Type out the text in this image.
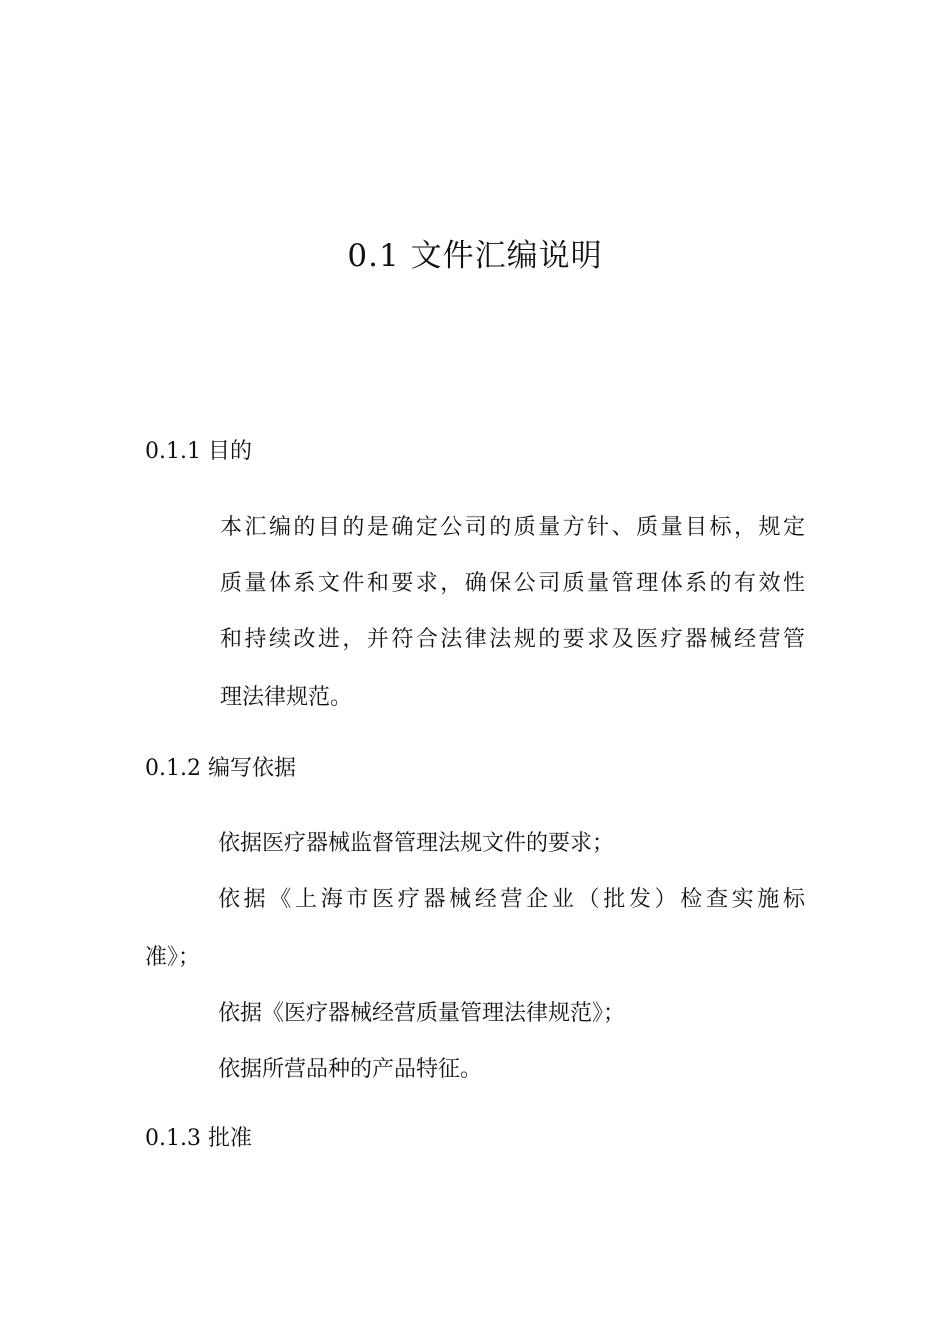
0.1 文件汇编说明
0.1.1 目的
本汇编的目的是确定公司的质量方针、质量目标，规定
质量体系文件和要求，确保公司质量管理体系的有效性
和持续改进，并符合法律法规的要求及医疗器械经营管
理法律规范。
0.1.2 编写依据
依据医疗器械监督管理法规文件的要求；
依据《上海市医疗器械经营企业（批发）检查实施标
准》；
依据《医疗器械经营质量管理法律规范》；
依据所营品种的产品特征。
0.1.3 批准
